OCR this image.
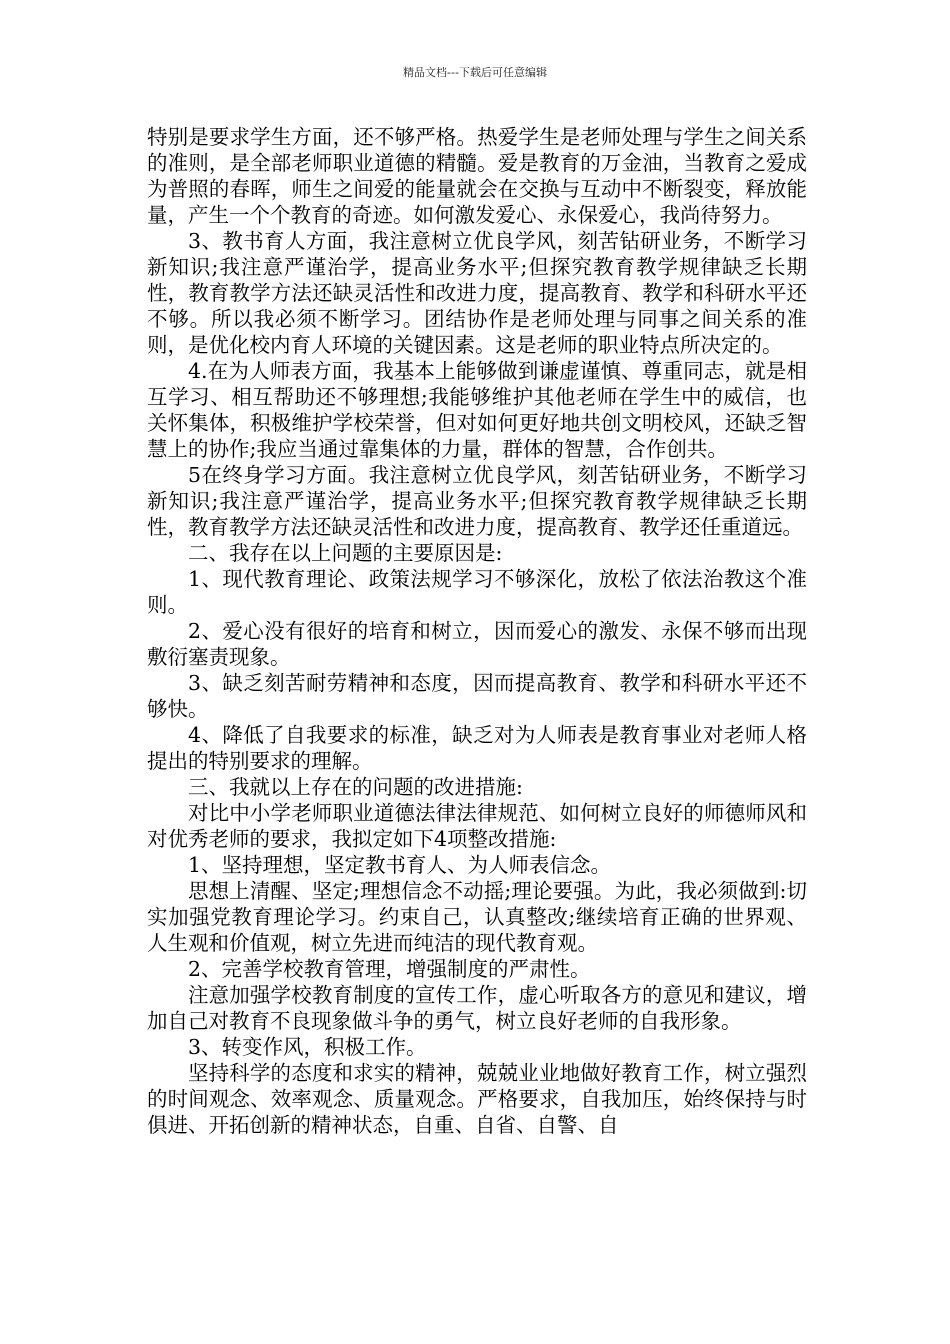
精品文档---下载后可任意编辑

特别是要求学生方面，还不够严格。热爱学生是老师处理与学生之间关系的准则，是全部老师职业道德的精髓。爱是教育的万金油，当教育之爱成为普照的春晖，师生之间爱的能量就会在交换与互动中不断裂变，释放能量，产生一个个教育的奇迹。如何激发爱心、永保爱心，我尚待努力。

3、教书育人方面，我注意树立优良学风，刻苦钻研业务，不断学习新知识;我注意严谨治学，提高业务水平;但探究教育教学规律缺乏长期性，教育教学方法还缺灵活性和改进力度，提高教育、教学和科研水平还不够。所以我必须不断学习。团结协作是老师处理与同事之间关系的准则，是优化校内育人环境的关键因素。这是老师的职业特点所决定的。

4.在为人师表方面，我基本上能够做到谦虚谨慎、尊重同志，就是相互学习、相互帮助还不够理想;我能够维护其他老师在学生中的威信，也关怀集体，积极维护学校荣誉，但对如何更好地共创文明校风，还缺乏智慧上的协作;我应当通过靠集体的力量，群体的智慧，合作创共。

5在终身学习方面。我注意树立优良学风，刻苦钻研业务，不断学习新知识;我注意严谨治学，提高业务水平;但探究教育教学规律缺乏长期性，教育教学方法还缺灵活性和改进力度，提高教育、教学还任重道远。

二、我存在以上问题的主要原因是:

1、现代教育理论、政策法规学习不够深化，放松了依法治教这个准则。

2、爱心没有很好的培育和树立，因而爱心的激发、永保不够而出现敷衍塞责现象。

3、缺乏刻苦耐劳精神和态度，因而提高教育、教学和科研水平还不够快。

4、降低了自我要求的标准，缺乏对为人师表是教育事业对老师人格提出的特别要求的理解。

三、我就以上存在的问题的改进措施:

对比中小学老师职业道德法律法律规范、如何树立良好的师德师风和对优秀老师的要求，我拟定如下4项整改措施:

1、坚持理想，坚定教书育人、为人师表信念。

思想上清醒、坚定;理想信念不动摇;理论要强。为此，我必须做到:切实加强党教育理论学习。约束自己，认真整改;继续培育正确的世界观、人生观和价值观，树立先进而纯洁的现代教育观。

2、完善学校教育管理，增强制度的严肃性。

注意加强学校教育制度的宣传工作，虚心听取各方的意见和建议，增加自己对教育不良现象做斗争的勇气，树立良好老师的自我形象。

3、转变作风，积极工作。

坚持科学的态度和求实的精神，兢兢业业地做好教育工作，树立强烈的时间观念、效率观念、质量观念。严格要求，自我加压，始终保持与时俱进、开拓创新的精神状态，自重、自省、自警、自
